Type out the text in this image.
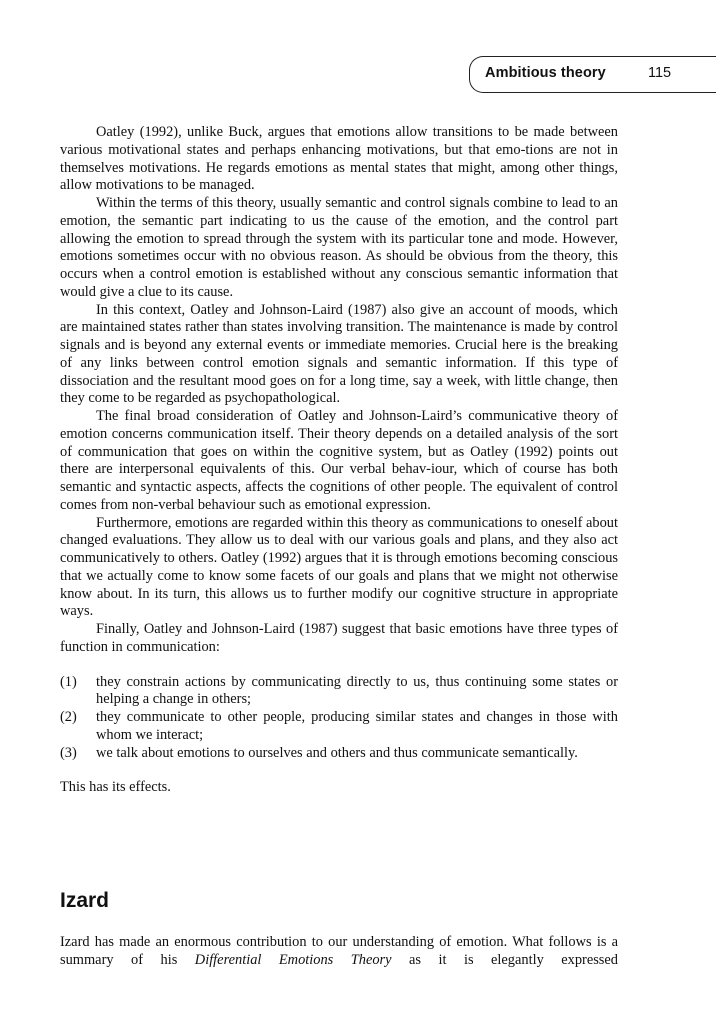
Ambitious theory	115

Oatley (1992), unlike Buck, argues that emotions allow transitions to be made between various motivational states and perhaps enhancing motivations, but that emo-tions are not in themselves motivations. He regards emotions as mental states that might, among other things, allow motivations to be managed.

Within the terms of this theory, usually semantic and control signals combine to lead to an emotion, the semantic part indicating to us the cause of the emotion, and the control part allowing the emotion to spread through the system with its particular tone and mode. However, emotions sometimes occur with no obvious reason. As should be obvious from the theory, this occurs when a control emotion is established without any conscious semantic information that would give a clue to its cause.

In this context, Oatley and Johnson-Laird (1987) also give an account of moods, which are maintained states rather than states involving transition. The maintenance is made by control signals and is beyond any external events or immediate memories. Crucial here is the breaking of any links between control emotion signals and semantic information. If this type of dissociation and the resultant mood goes on for a long time, say a week, with little change, then they come to be regarded as psychopathological.

The final broad consideration of Oatley and Johnson-Laird’s communicative theory of emotion concerns communication itself. Their theory depends on a detailed analysis of the sort of communication that goes on within the cognitive system, but as Oatley (1992) points out there are interpersonal equivalents of this. Our verbal behav-iour, which of course has both semantic and syntactic aspects, affects the cognitions of other people. The equivalent of control comes from non-verbal behaviour such as emotional expression.

Furthermore, emotions are regarded within this theory as communications to oneself about changed evaluations. They allow us to deal with our various goals and plans, and they also act communicatively to others. Oatley (1992) argues that it is through emotions becoming conscious that we actually come to know some facets of our goals and plans that we might not otherwise know about. In its turn, this allows us to further modify our cognitive structure in appropriate ways.

Finally, Oatley and Johnson-Laird (1987) suggest that basic emotions have three types of function in communication:

(1) they constrain actions by communicating directly to us, thus continuing some states or helping a change in others;
(2) they communicate to other people, producing similar states and changes in those with whom we interact;
(3) we talk about emotions to ourselves and others and thus communicate semantically.

This has its effects.

Izard

Izard has made an enormous contribution to our understanding of emotion. What follows is a summary of his Differential Emotions Theory as it is elegantly expressed
